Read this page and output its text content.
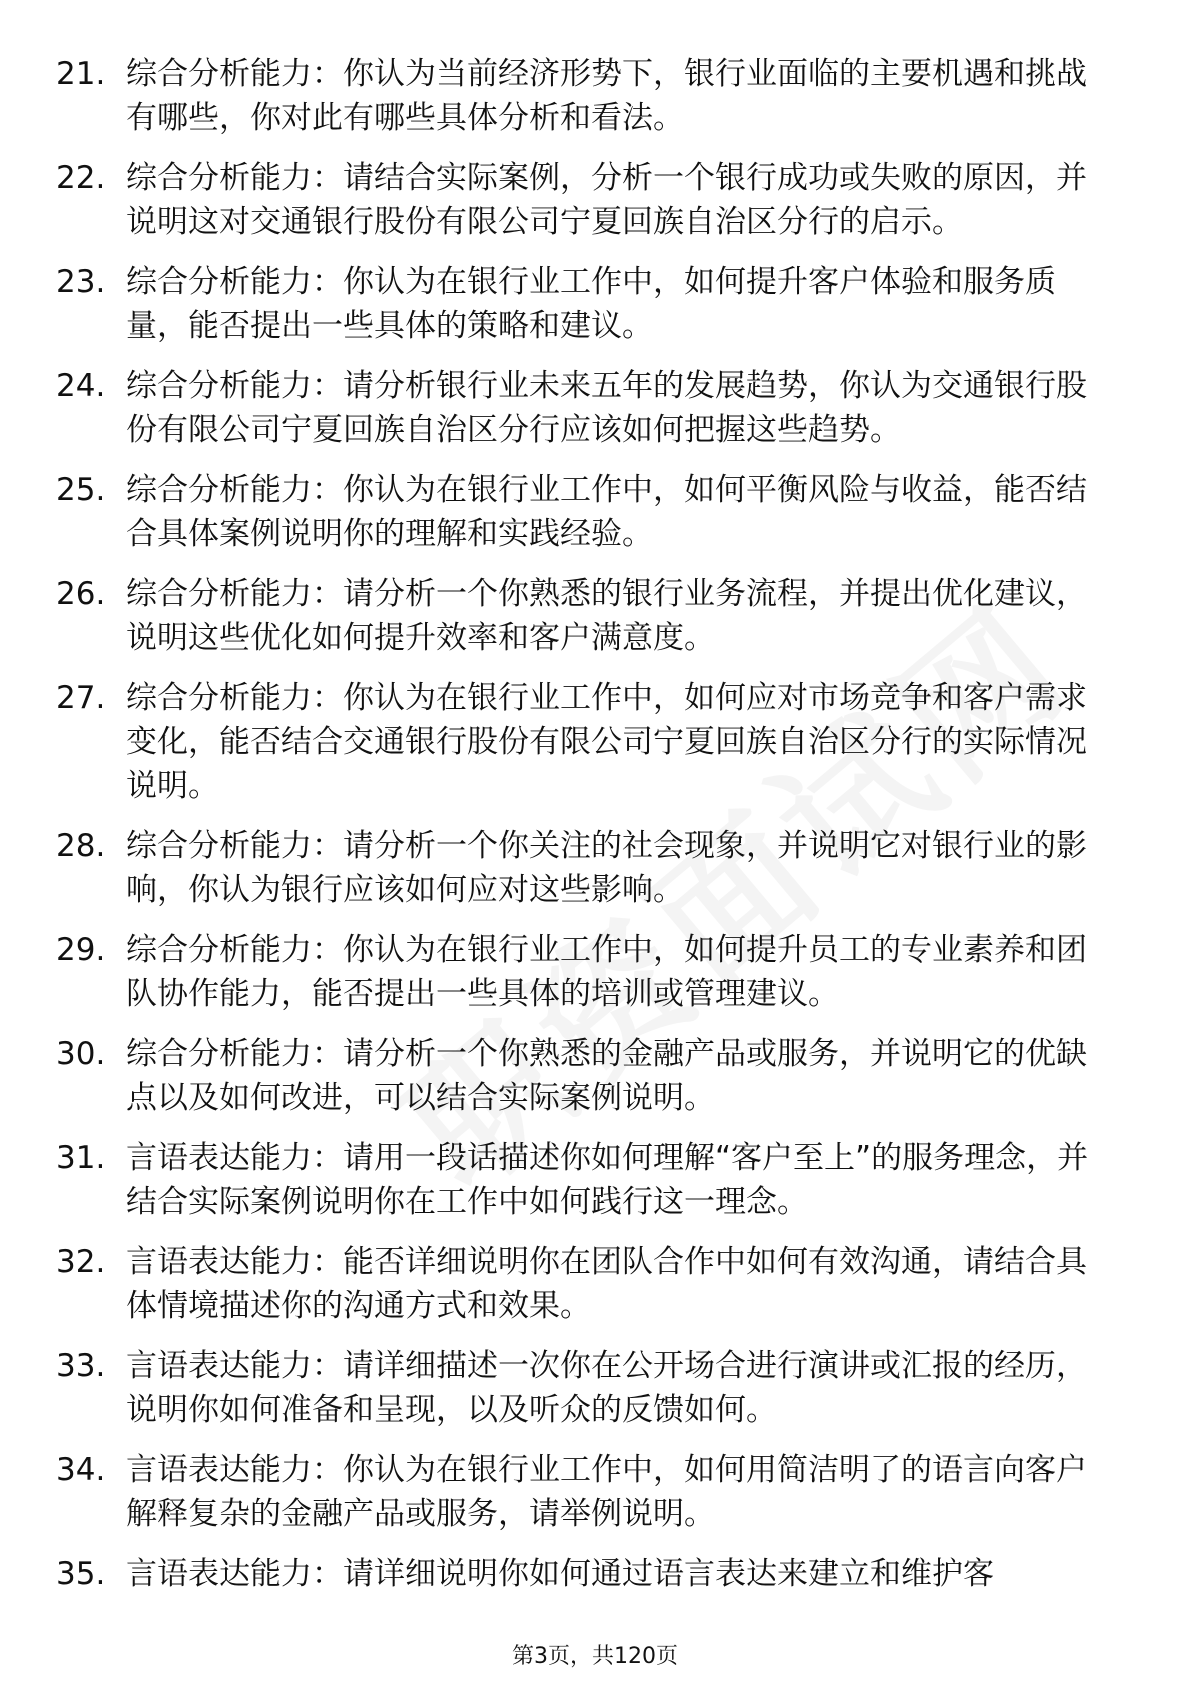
21. 综合分析能力：你认为当前经济形势下，银行业面临的主要机遇和挑战有哪些，你对此有哪些具体分析和看法。
22. 综合分析能力：请结合实际案例，分析一个银行成功或失败的原因，并说明这对交通银行股份有限公司宁夏回族自治区分行的启示。
23. 综合分析能力：你认为在银行业工作中，如何提升客户体验和服务质量，能否提出一些具体的策略和建议。
24. 综合分析能力：请分析银行业未来五年的发展趋势，你认为交通银行股份有限公司宁夏回族自治区分行应该如何把握这些趋势。
25. 综合分析能力：你认为在银行业工作中，如何平衡风险与收益，能否结合具体案例说明你的理解和实践经验。
26. 综合分析能力：请分析一个你熟悉的银行业务流程，并提出优化建议，说明这些优化如何提升效率和客户满意度。
27. 综合分析能力：你认为在银行业工作中，如何应对市场竞争和客户需求变化，能否结合交通银行股份有限公司宁夏回族自治区分行的实际情况说明。
28. 综合分析能力：请分析一个你关注的社会现象，并说明它对银行业的影响，你认为银行应该如何应对这些影响。
29. 综合分析能力：你认为在银行业工作中，如何提升员工的专业素养和团队协作能力，能否提出一些具体的培训或管理建议。
30. 综合分析能力：请分析一个你熟悉的金融产品或服务，并说明它的优缺点以及如何改进，可以结合实际案例说明。
31. 言语表达能力：请用一段话描述你如何理解“客户至上”的服务理念，并结合实际案例说明你在工作中如何践行这一理念。
32. 言语表达能力：能否详细说明你在团队合作中如何有效沟通，请结合具体情境描述你的沟通方式和效果。
33. 言语表达能力：请详细描述一次你在公开场合进行演讲或汇报的经历，说明你如何准备和呈现，以及听众的反馈如何。
34. 言语表达能力：你认为在银行业工作中，如何用简洁明了的语言向客户解释复杂的金融产品或服务，请举例说明。
35. 言语表达能力：请详细说明你如何通过语言表达来建立和维护客
第3页，共120页
